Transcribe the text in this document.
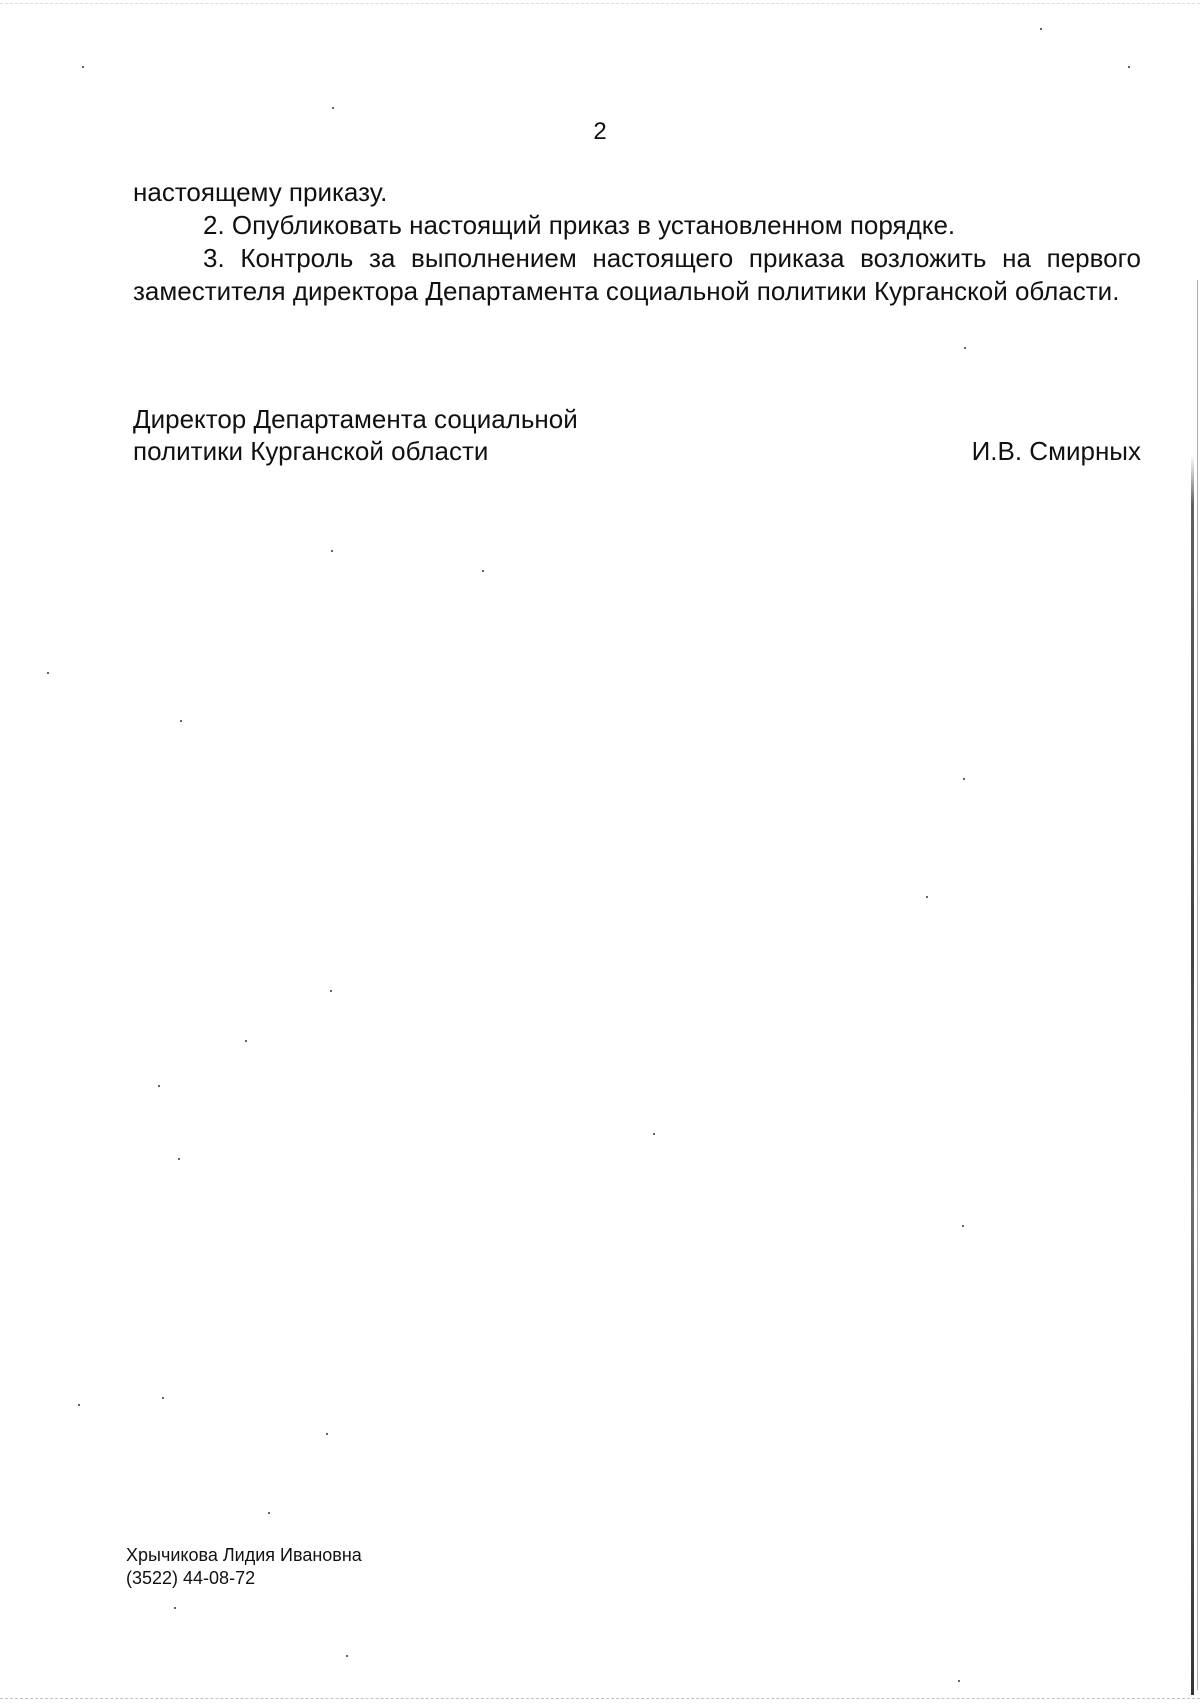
2

настоящему приказу.

2. Опубликовать настоящий приказ в установленном порядке.

3. Контроль за выполнением настоящего приказа возложить на первого заместителя директора Департамента социальной политики Курганской области.

Директор Департамента социальной
политики Курганской области	И.В. Смирных
Хрычикова Лидия Ивановна
(3522) 44-08-72
